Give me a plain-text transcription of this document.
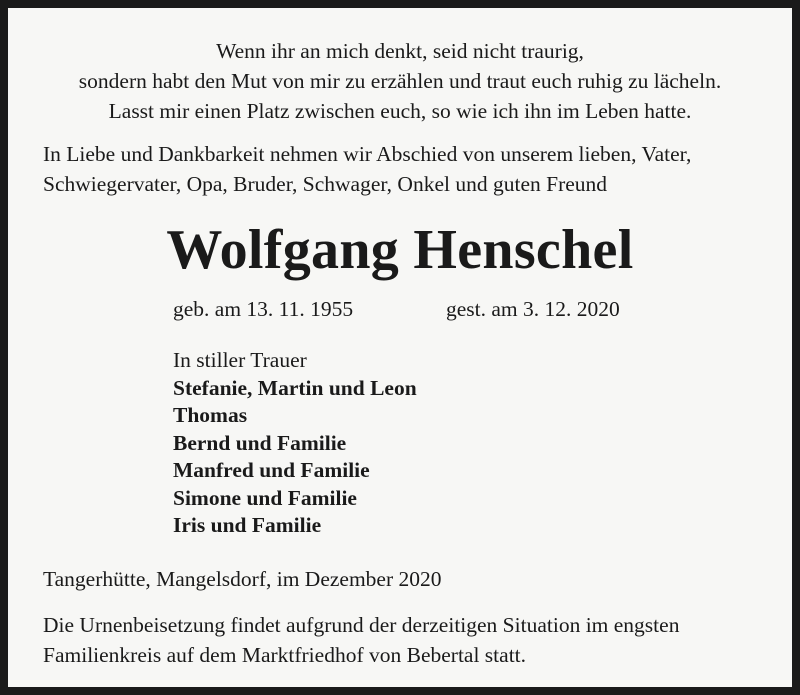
Wenn ihr an mich denkt, seid nicht traurig,
sondern habt den Mut von mir zu erzählen und traut euch ruhig zu lächeln.
Lasst mir einen Platz zwischen euch, so wie ich ihn im Leben hatte.
In Liebe und Dankbarkeit nehmen wir Abschied von unserem lieben, Vater,
Schwiegervater, Opa, Bruder, Schwager, Onkel und guten Freund
Wolfgang Henschel
geb. am 13. 11. 1955	gest. am 3. 12. 2020
In stiller Trauer
Stefanie, Martin und Leon
Thomas
Bernd und Familie
Manfred und Familie
Simone und Familie
Iris und Familie
Tangerhütte, Mangelsdorf, im Dezember 2020
Die Urnenbeisetzung findet aufgrund der derzeitigen Situation im engsten
Familienkreis auf dem Marktfriedhof von Bebertal statt.
